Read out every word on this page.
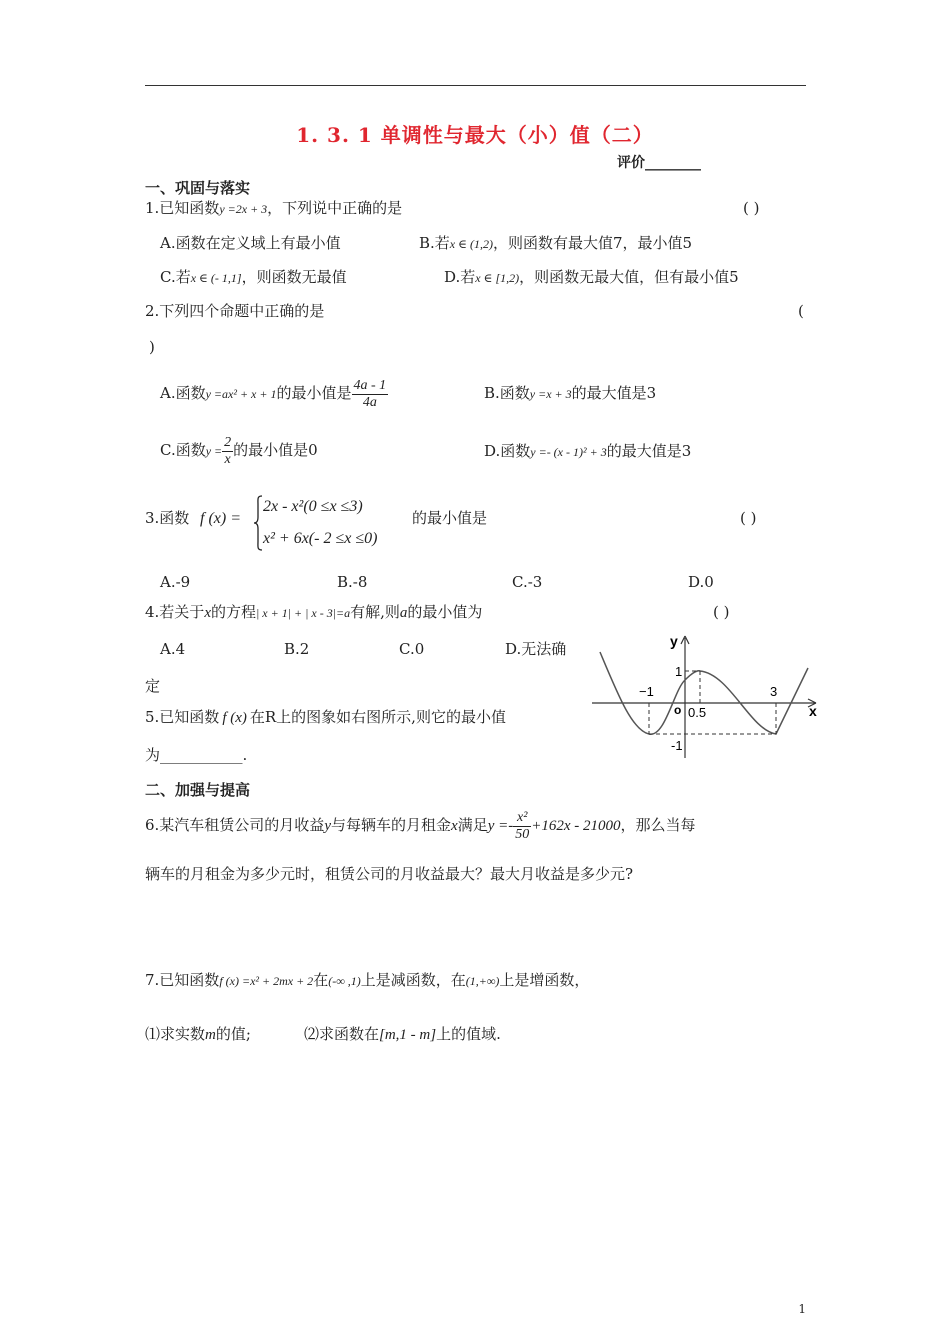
1. 3. 1 单调性与最大（小）值（二）
评价________
一、巩固与落实
1.已知函数y =2x + 3，下列说中正确的是	( )
A.函数在定义域上有最小值	B.若x ∈ (1,2)，则函数有最大值7，最小值5
C.若x ∈ (- 1,1]，则函数无最值	D.若x ∈ [1,2)，则函数无最大值，但有最小值5
2.下列四个命题中正确的是	(
)
A.函数y =ax² + x + 1的最小值是 $\frac{4a - 1}{4a}$	B.函数y =x + 3的最大值是3
C.函数$y = \frac{2}{x}$ 的最小值是0	D.函数y =- (x - 1)² + 3的最大值是3
3.函数 f (x) =
2x - x²(0 ≤x ≤3)
x² + 6x(- 2 ≤x ≤0)
的最小值是	( )
A.-9	B.-8	C.-3	D.0
4.若关于x的方程| x + 1| + | x - 3|=a有解,则a的最小值为	( )
A.4	B.2	C.0	D.无法确
定
5.已知函数 f (x) 在R上的图象如右图所示,则它的最小值
为___________.
y
x
o
−1
1
0.5
3
-1
二、加强与提高
6.某汽车租赁公司的月收益y与每辆车的月租金x满足$y =- \frac{\text{x²}}{50} +162x - 21000$，那么当每
辆车的月租金为多少元时，租赁公司的月收益最大？最大月收益是多少元?
7.已知函数f (x) =x² + 2mx + 2在(-∞ ,1)上是减函数，在(1,+∞)上是增函数，
⑴求实数m的值;	⑵求函数在[m,1 - m]上的值域.
1
